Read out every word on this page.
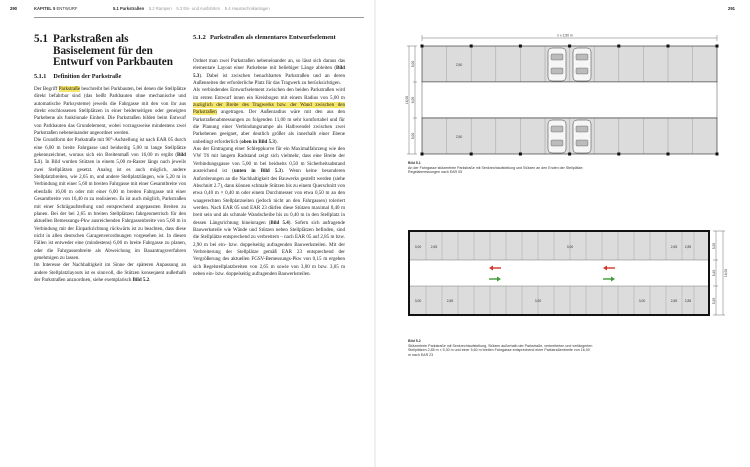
290	KAPITEL 5 ENTWURF	5.1 Parkstraßen 5.2 Rampen 5.3 Ein- und Ausfahrten 5.4 Haustechnikanlagen	291
5.1 Parkstraßen als Basiselement für den Entwurf von Parkbauten
5.1.1 Definition der Parkstraße
5.1.2 Parkstraßen als elementares Entwurfselement

Der Begriff Parkstraße beschreibt bei Parkbauten, bei denen die Stellplätze direkt befahrbar sind (das heißt Parkbauten ohne mechanische und automatische Parksysteme) jeweils die Fahrgasse mit den von ihr aus direkt erschlossenen Stellplätzen in einer beiderseitigen oder geneigten Parkebene als funktionale Einheit. Die Parkstraßen bilden beim Entwurf von Parkbauten das Grundelement, wobei vorzugsweise mindestens zwei Parkstraßen nebeneinander angeordnet werden.

Die Grundform der Parkstraße mit 90°-Aufstellung ist nach EAR 05 durch eine 6,00 m breite Fahrgasse und beidseitig 5,00 m lange Stellplätze gekennzeichnet, woraus sich ein Breitenmaß von 16,00 m ergibt (Bild 5.1). In Bild wurden Stützen in einem 5,00 m-Raster längs nach jeweils zwei Stellplätzen gesetzt. Analog ist es auch möglich, andere Stellplatzbreiten, wie 2,65 m, und andere Stellplatzlängen, wie 5,20 m in Verbindung mit einer 5,60 m breiten Fahrgasse mit einer Gesamtbreite von ebenfalls 16,00 m oder mit einer 6,00 m breiten Fahrgasse mit einer Gesamtbreite von 16,40 m zu realisieren. Es ist auch möglich, Parkstraßen mit einer Schrägaufstellung und entsprechend angepassten Breiten zu planen. Bei der bei 2,65 m breiten Stellplätzen fahrgeometrisch für den aktuellen Bemessungs-Pkw ausreichenden Fahrgassenbreite von 5,60 m in Verbindung mit der Einparkrichtung rückwärts ist zu beachten, dass diese nicht in allen deutschen Garagenverordnungen vorgesehen ist. In diesen Fällen ist entweder eine (mindestens) 6,00 m breite Fahrgasse zu planen, oder die Fahrgassenbreite als Abweichung im Bauantragsverfahren genehmigen zu lassen.

Im Interesse der Nachhaltigkeit im Sinne der späteren Anpassung an andere Stellplatzlayouts ist es sinnvoll, die Stützen konsequent außerhalb der Parkstraßen anzuordnen, siehe exemplarisch Bild 5.2.

Ordnet man zwei Parkstraßen nebeneinander an, so lässt sich daraus das elementare Layout einer Parkebene mit beliebiger Länge ableiten (Bild 5.3). Dabei ist zwischen benachbarten Parkstraßen und an deren Außenseiten der erforderliche Platz für das Tragwerk zu berücksichtigen.

Als verbindendes Entwurfselement zwischen den beiden Parkstraßen wird im ersten Entwurf innen ein Kreisbogen mit einem Radius von 5,00 m zuzüglich der Breite des Tragwerks bzw. der Wand zwischen den Parkstraßen angetragen. Der Außenradius wäre mit den aus den Parkstraßenabmessungen zu folgenden 11,00 m sehr komfortabel und für die Planung einer Verbindungsrampe als Halbwendel zwischen zwei Parkebenen geeignet, aber deutlich größer als innerhalb einer Ebene unbedingt erforderlich (oben in Bild 5.3).

Aus der Eintragung einer Schleppkurve für ein Maximalfahrzeug wie den VW T6 mit langem Radstand zeigt sich vielmehr, dass eine Breite der Verbindungsgasse von 5,00 m bei beidseits 0,50 m Sicherheitsabstand ausreichend ist (unten in Bild 5.3). Wenn keine besonderen Anforderungen an die Nachhaltigkeit des Bauwerks gestellt werden (siehe Abschnitt 2.7), dann können schmale Stützen bis zu einem Querschnitt von etwa 0,40 m × 0,40 m oder einem Durchmesser von etwa 0,50 m an den waagerechten Stellplatzseiten (jedoch nicht an den Fahrgassen) toleriert werden. Nach EAR 05 und EAR 23 dürfen diese Stützen maximal 0,40 m breit sein und als schmale Wandscheibe bis zu 0,40 m in den Stellplatz in dessen Längsrichtung hineinragen (Bild 5.4). Sofern sich aufragende Bauwerksteile wie Wände und Stützen neben Stellplätzen befinden, sind die Stellplätze entsprechend zu verbreitern – nach EAR 05 auf 2,85 m bzw. 2,90 m bei ein- bzw. doppelseitig aufragenden Bauwerksteilen. Mit der Verbreiterung der Stellplätze gemäß EAR 23 entsprechend der Vergrößerung des aktuellen FGSV-Bemessungs-Pkw von 0,15 m ergeben sich Regelstellplatzbreiten von 2,65 m sowie von 3,00 m bzw. 3,05 m neben ein- bzw. doppelseitig aufragenden Bauwerksteilen.

n x 2,50 m
2,50
2,50
16,00
5,00
6,00
5,00
Bild 5.1
An der Fahrgasse stützenfreie Parkstraße mit Senkrechtaufstellung und Stützen an den Enden der Stellplätze; Regelabmessungen nach EAR 05
3,00	2,65	3,00	2,65 2,85
3,00	2,65	3,00	3,00	2,65 2,85
5,30
5,40
5,30
16,00
Bild 5.2
Stützenfreie Parkstraße mit Senkrechtaufstellung, Stützen außerhalb der Parkstraße, verbreiterten und verlängerten Stellplätzen 2,85 m × 5,30 m und einer 5,60 m breiten Fahrgasse entsprechend einer Parkstraßenbreite von 16,00 m nach EAR 23
